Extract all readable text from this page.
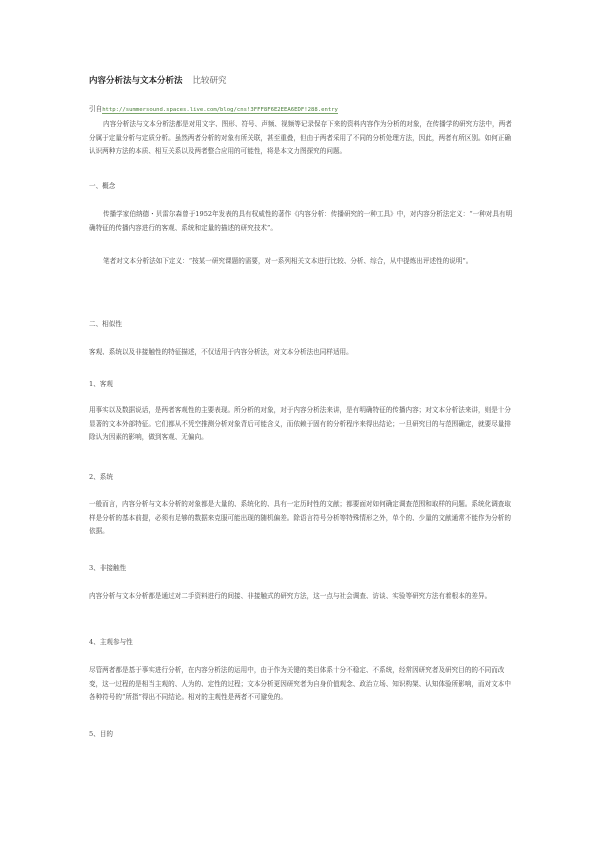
内容分析法与文本分析法 比较研究
引自http://summersound.spaces.live.com/blog/cns!3FFF8F6E2EEA6EDF!288.entry

内容分析法与文本分析法都是对用文字、图形、符号、声频、视频等记录保存下来的资料内容作为分析的对象，在传播学的研究方法中，两者分属于定量分析与定质分析。虽然两者分析的对象有所关联，甚至重叠，但由于两者采用了不同的分析处理方法，因此，两者有所区别。如何正确认识两种方法的本质、相互关系以及两者整合应用的可能性，将是本文力图探究的问题。

一、概念

传播学家伯纳德・贝雷尔森曾于1952年发表的具有权威性的著作《内容分析：传播研究的一种工具》中，对内容分析法定义：“一种对具有明确特征的传播内容进行的客观、系统和定量的描述的研究技术”。

笔者对文本分析法如下定义：“按某一研究课题的需要，对一系列相关文本进行比较、分析、综合，从中提炼出评述性的说明”。

二、相似性

客观、系统以及非接触性的特征描述，不仅适用于内容分析法，对文本分析法也同样适用。

1、客观

用事实以及数据说话，是两者客观性的主要表现。所分析的对象，对于内容分析法来讲，是有明确特征的传播内容；对文本分析法来讲，则是十分显著的文本外部特征。它们都从不凭空推测分析对象背后可能含义，而依赖于固有的分析程序来得出结论；一旦研究目的与范围确定，就要尽量排除认为因素的影响，做到客观、无偏向。

2、系统

一般而言，内容分析与文本分析的对象都是大量的、系统化的、具有一定历时性的文献；都要面对如何确定调查范围和取样的问题。系统化调查取样是分析的基本前提，必须有足够的数据来克服可能出现的随机偏差。除语言符号分析等特殊情形之外，单个的、少量的文献通常不能作为分析的依据。

3、非接触性

内容分析与文本分析都是通过对二手资料进行的间接、非接触式的研究方法，这一点与社会调查、访谈、实验等研究方法有着根本的差异。

4、主观参与性

尽管两者都是基于事实进行分析，在内容分析法的运用中，由于作为关键的类目体系十分不稳定、不系统，经常因研究者及研究目的的不同而改变，这一过程的是相当主观的、人为的、定性的过程；文本分析更因研究者为自身价值观念、政治立场、知识构架、认知体验所影响，而对文本中各种符号的“所指”得出不同结论。相对的主观性是两者不可避免的。

5、目的
